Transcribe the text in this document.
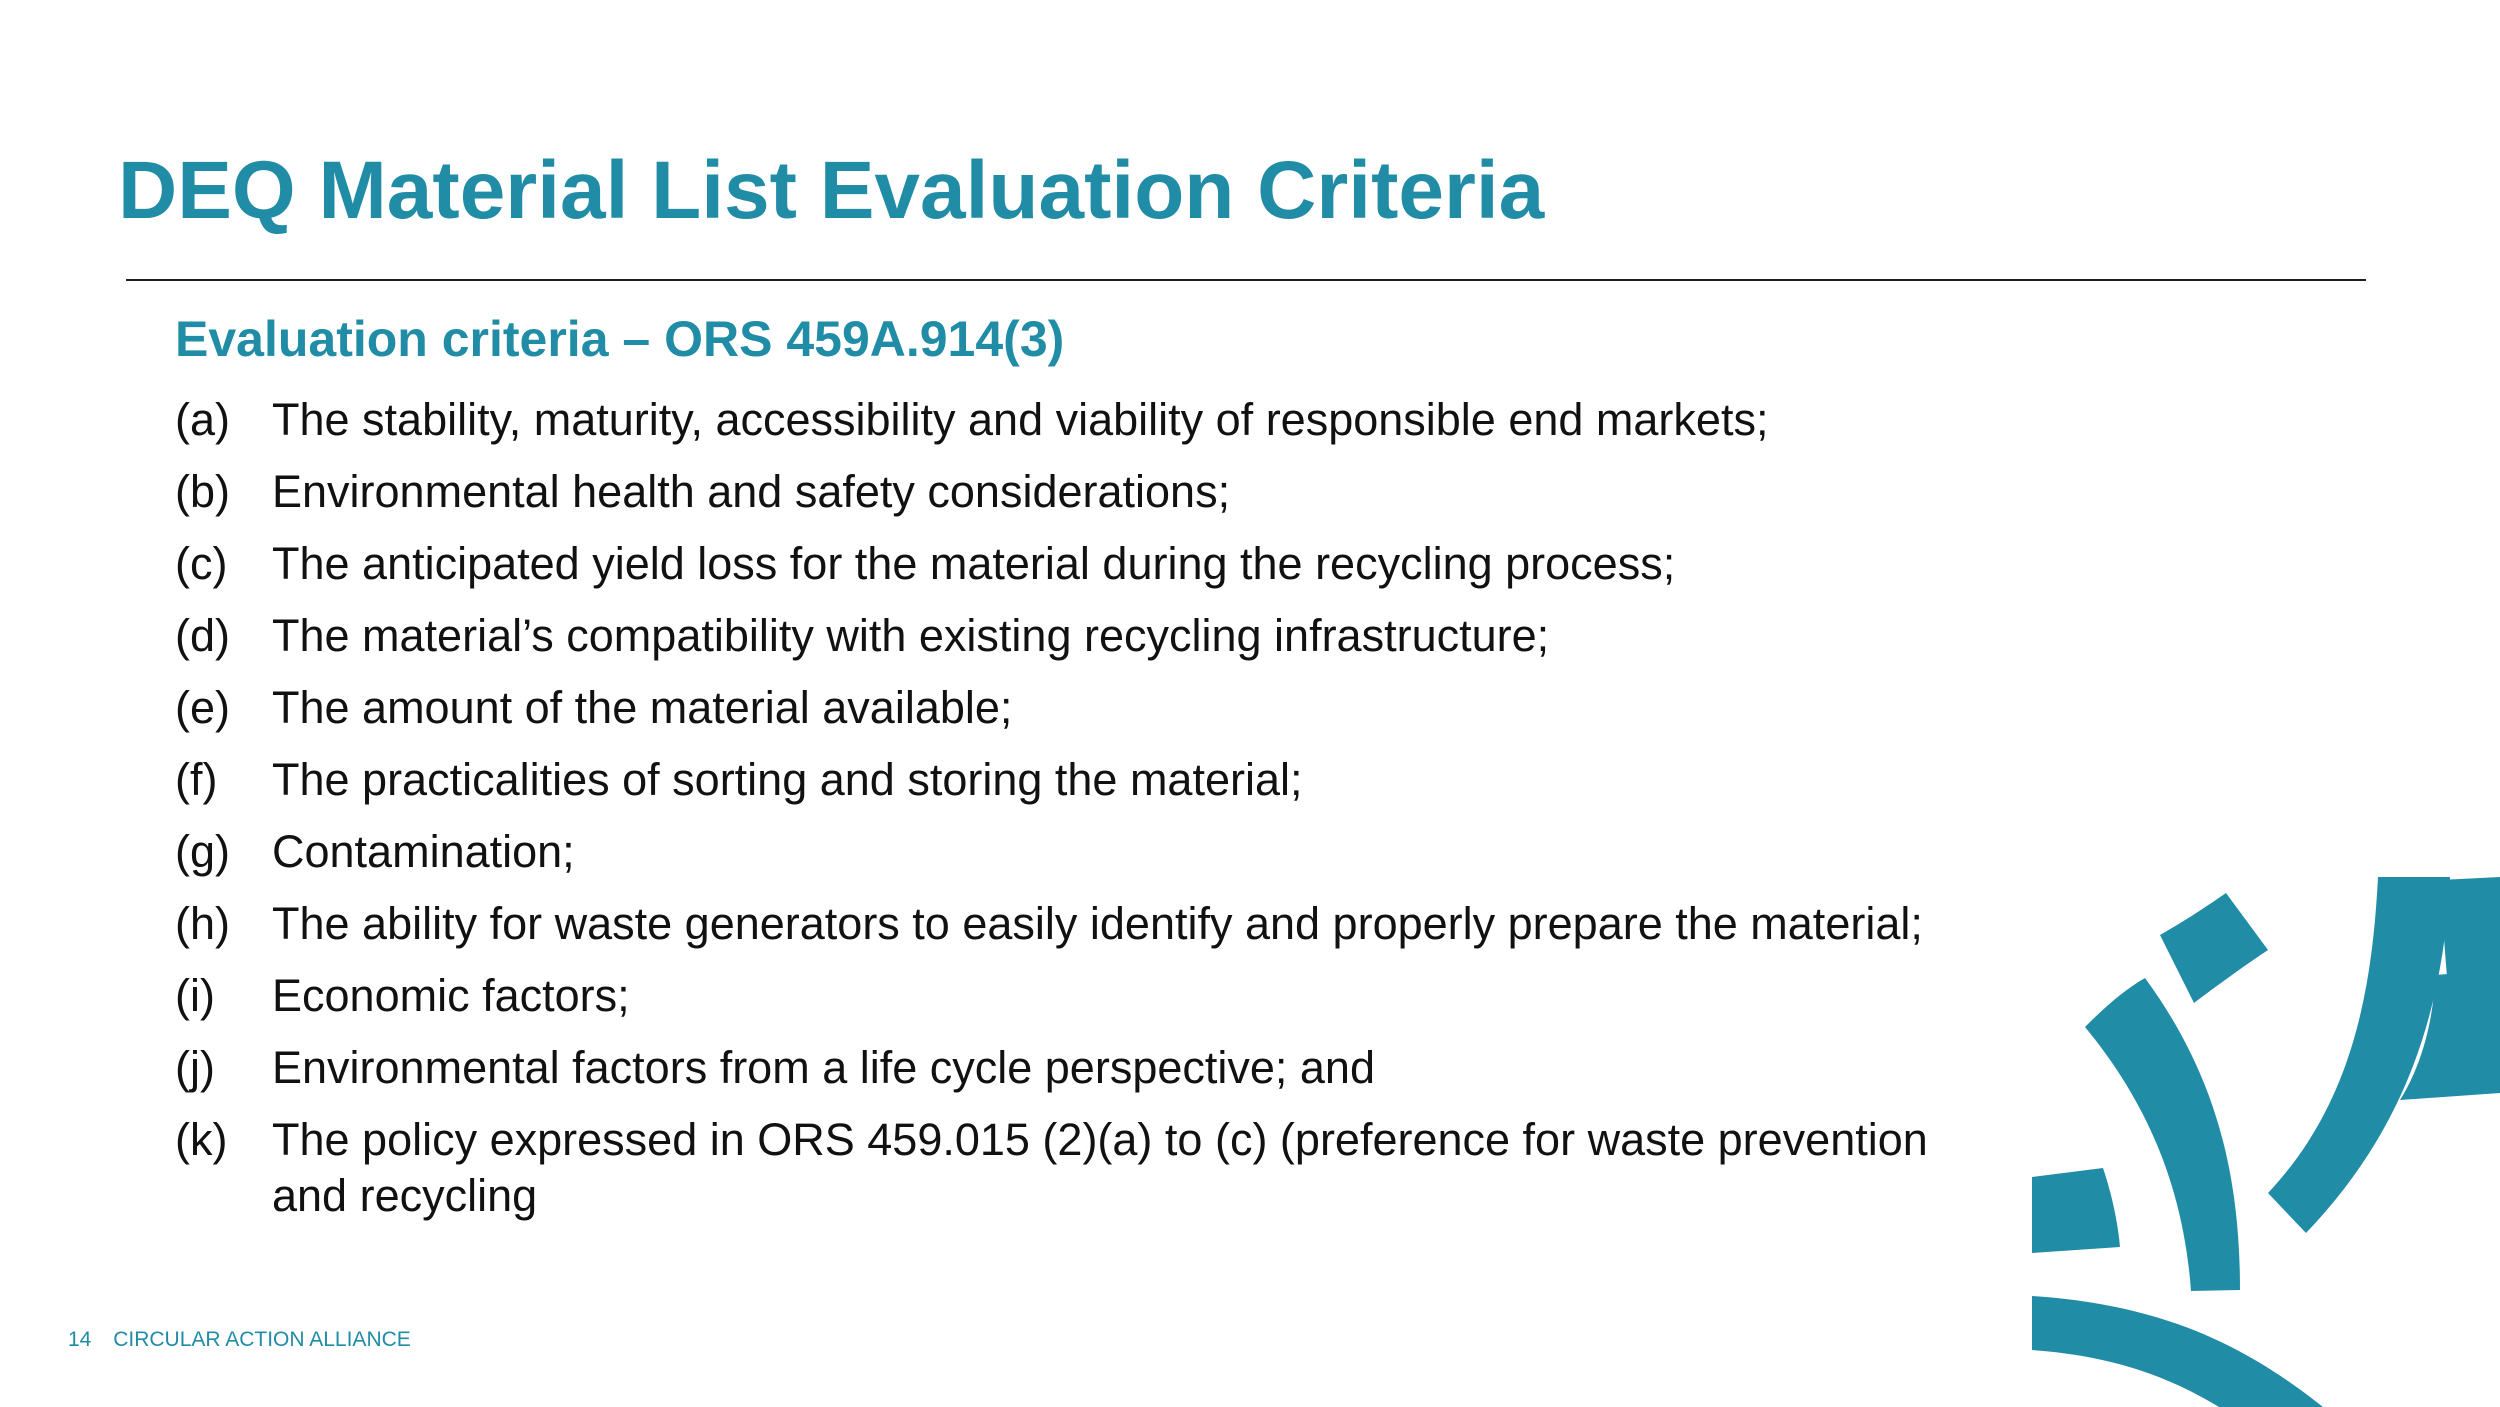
DEQ Material List Evaluation Criteria
Evaluation criteria – ORS 459A.914(3)
(a) The stability, maturity, accessibility and viability of responsible end markets;
(b) Environmental health and safety considerations;
(c) The anticipated yield loss for the material during the recycling process;
(d) The material’s compatibility with existing recycling infrastructure;
(e) The amount of the material available;
(f)	The practicalities of sorting and storing the material;
(g) Contamination;
(h) The ability for waste generators to easily identify and properly prepare the material;
(i)	Economic factors;
(j)	Environmental factors from a life cycle perspective; and
(k) The policy expressed in ORS 459.015 (2)(a) to (c) (preference for waste prevention and recycling
14 CIRCULAR ACTION ALLIANCE
